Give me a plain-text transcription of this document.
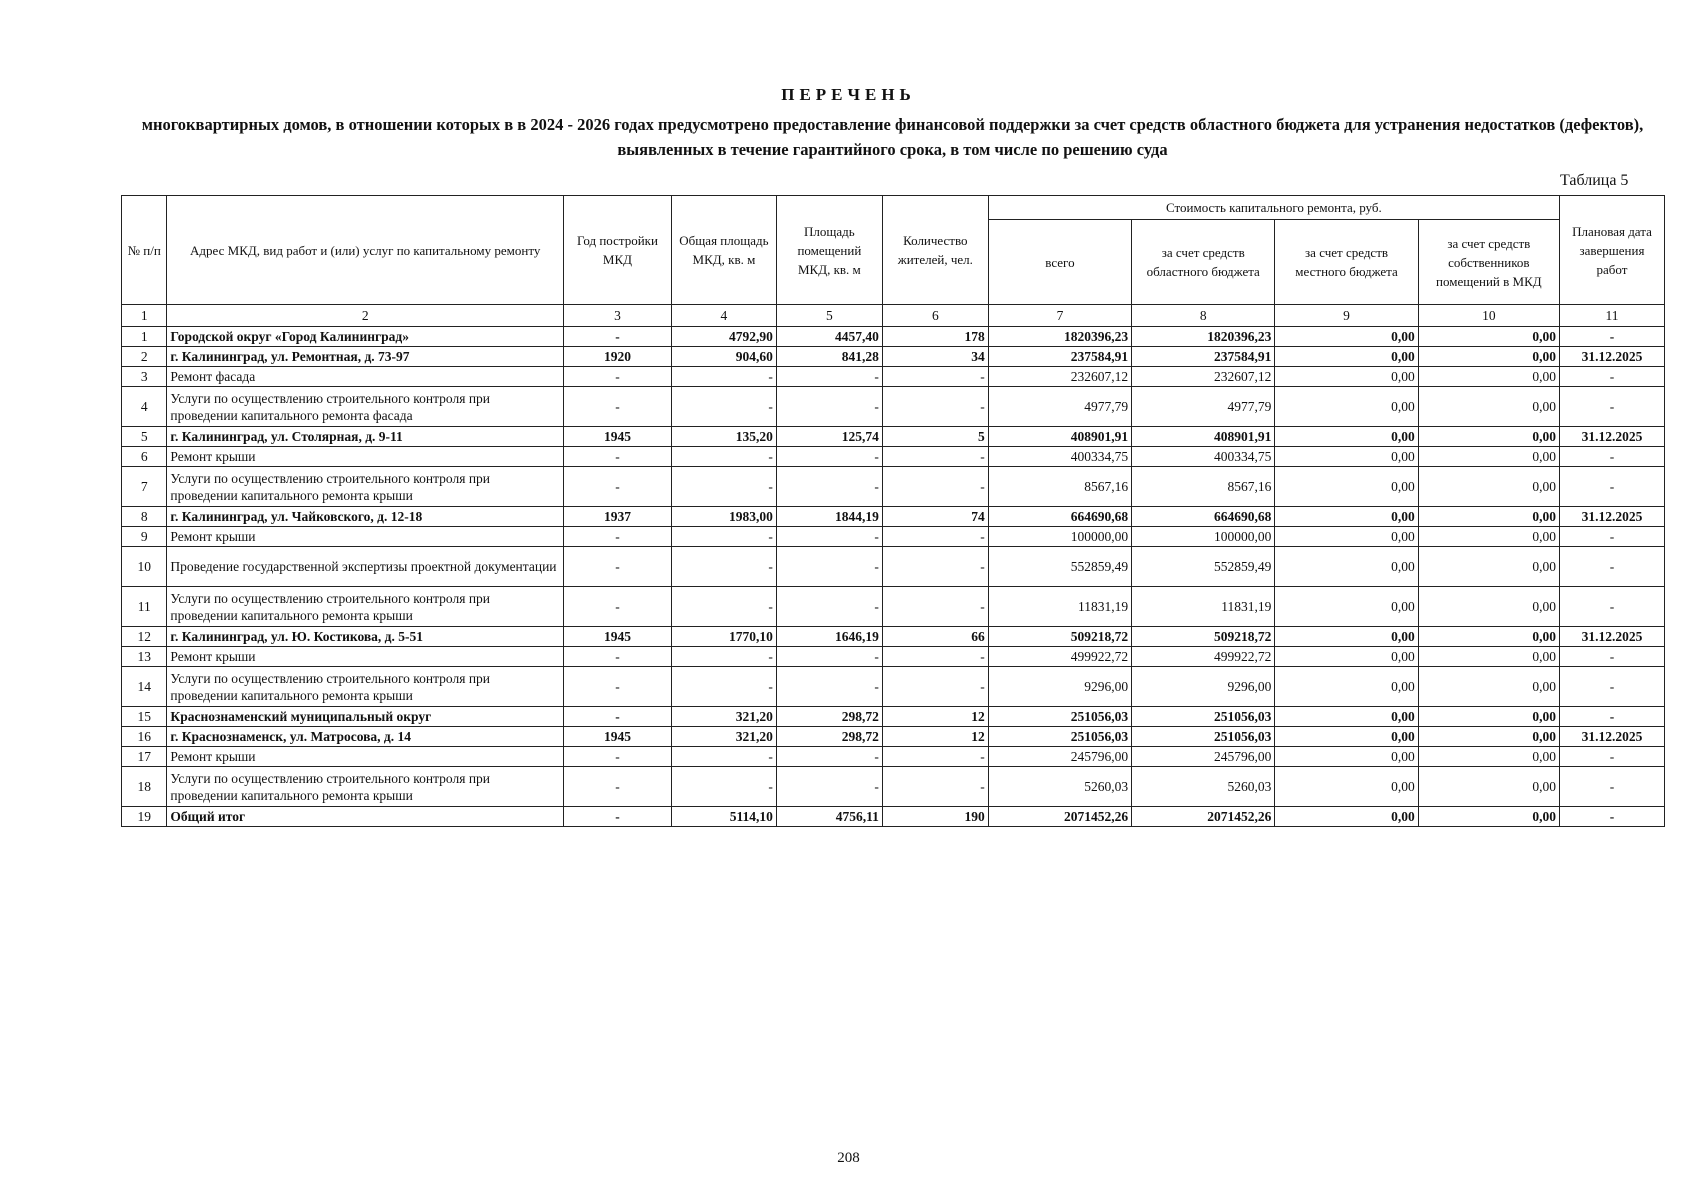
ПЕРЕЧЕНЬ
многоквартирных домов, в отношении которых в в 2024 - 2026 годах предусмотрено предоставление финансовой поддержки за счет средств областного бюджета для устранения недостатков (дефектов), выявленных в течение гарантийного срока, в том числе по решению суда
Таблица 5
№ п/п	Адрес МКД, вид работ и (или) услуг по капитальному ремонту	Год постройки МКД	Общая площадь МКД, кв. м	Площадь помещений МКД, кв. м	Количество жителей, чел.	Стоимость капитального ремонта, руб.				Плановая дата завершения работ
						всего	за счет средств областного бюджета	за счет средств местного бюджета	за счет средств собственников помещений в МКД	
1	2	3	4	5	6	7	8	9	10	11
1	Городской округ «Город Калининград»	-	4792,90	4457,40	178	1820396,23	1820396,23	0,00	0,00	-
2	г. Калининград, ул. Ремонтная, д. 73-97	1920	904,60	841,28	34	237584,91	237584,91	0,00	0,00	31.12.2025
3	Ремонт фасада	-	-	-	-	232607,12	232607,12	0,00	0,00	-
4	Услуги по осуществлению строительного контроля при проведении капитального ремонта фасада	-	-	-	-	4977,79	4977,79	0,00	0,00	-
5	г. Калининград, ул. Столярная, д. 9-11	1945	135,20	125,74	5	408901,91	408901,91	0,00	0,00	31.12.2025
6	Ремонт крыши	-	-	-	-	400334,75	400334,75	0,00	0,00	-
7	Услуги по осуществлению строительного контроля при проведении капитального ремонта крыши	-	-	-	-	8567,16	8567,16	0,00	0,00	-
8	г. Калининград, ул. Чайковского, д. 12-18	1937	1983,00	1844,19	74	664690,68	664690,68	0,00	0,00	31.12.2025
9	Ремонт крыши	-	-	-	-	100000,00	100000,00	0,00	0,00	-
10	Проведение государственной экспертизы проектной документации	-	-	-	-	552859,49	552859,49	0,00	0,00	-
11	Услуги по осуществлению строительного контроля при проведении капитального ремонта крыши	-	-	-	-	11831,19	11831,19	0,00	0,00	-
12	г. Калининград, ул. Ю. Костикова, д. 5-51	1945	1770,10	1646,19	66	509218,72	509218,72	0,00	0,00	31.12.2025
13	Ремонт крыши	-	-	-	-	499922,72	499922,72	0,00	0,00	-
14	Услуги по осуществлению строительного контроля при проведении капитального ремонта крыши	-	-	-	-	9296,00	9296,00	0,00	0,00	-
15	Краснознаменский муниципальный округ	-	321,20	298,72	12	251056,03	251056,03	0,00	0,00	-
16	г. Краснознаменск, ул. Матросова, д. 14	1945	321,20	298,72	12	251056,03	251056,03	0,00	0,00	31.12.2025
17	Ремонт крыши	-	-	-	-	245796,00	245796,00	0,00	0,00	-
18	Услуги по осуществлению строительного контроля при проведении капитального ремонта крыши	-	-	-	-	5260,03	5260,03	0,00	0,00	-
19	Общий итог	-	5114,10	4756,11	190	2071452,26	2071452,26	0,00	0,00	-
208
